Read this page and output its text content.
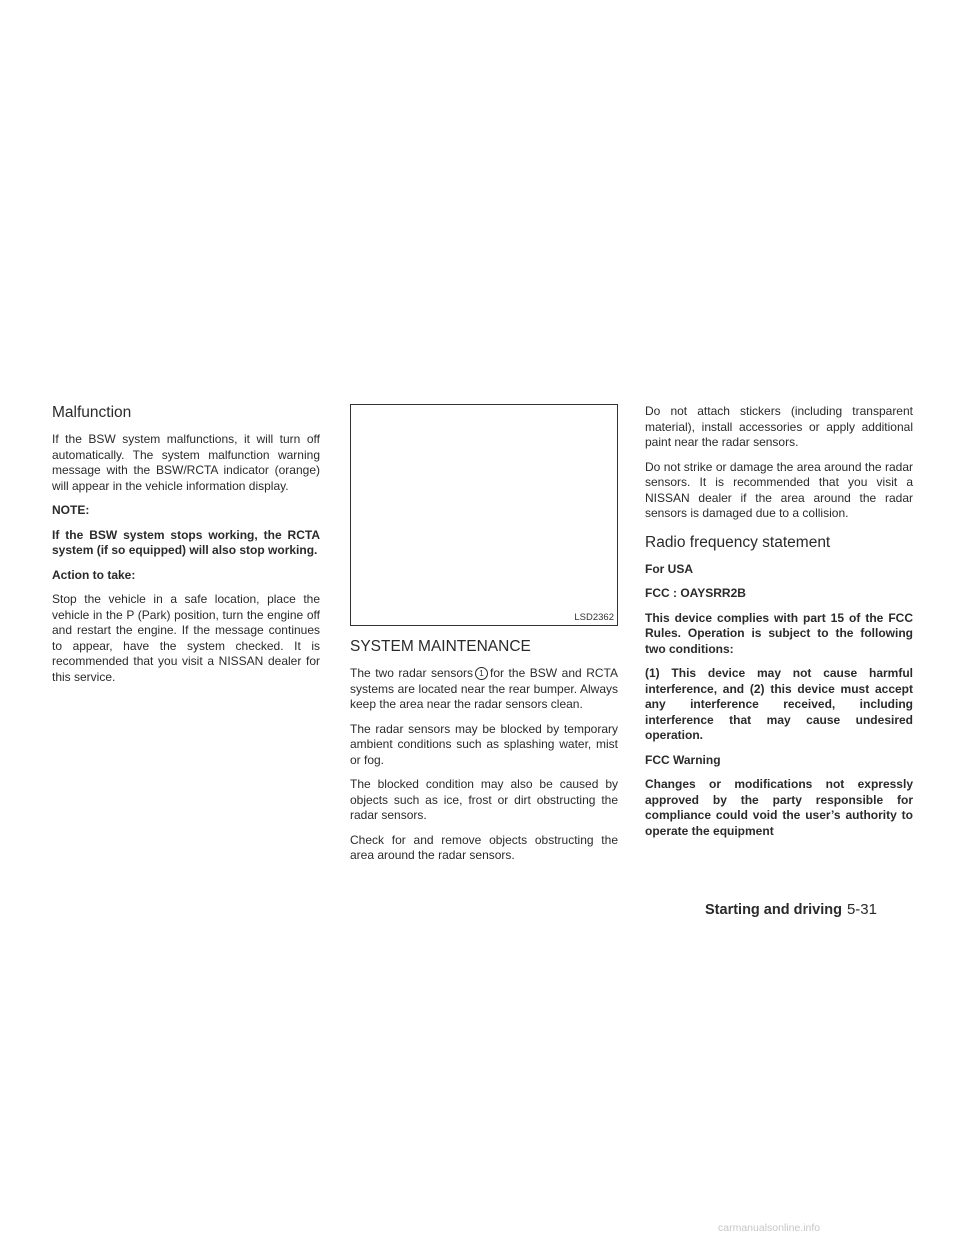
Malfunction

If the BSW system malfunctions, it will turn off automatically. The system malfunction warning message with the BSW/RCTA indicator (orange) will appear in the vehicle information display.

NOTE:

If the BSW system stops working, the RCTA system (if so equipped) will also stop working.

Action to take:

Stop the vehicle in a safe location, place the vehicle in the P (Park) position, turn the engine off and restart the engine. If the message continues to appear, have the system checked. It is recommended that you visit a NISSAN dealer for this service.

LSD2362
SYSTEM MAINTENANCE

The two radar sensors 1 for the BSW and RCTA systems are located near the rear bumper. Always keep the area near the radar sensors clean.

The radar sensors may be blocked by temporary ambient conditions such as splashing water, mist or fog.

The blocked condition may also be caused by objects such as ice, frost or dirt obstructing the radar sensors.

Check for and remove objects obstructing the area around the radar sensors.

Do not attach stickers (including transparent material), install accessories or apply additional paint near the radar sensors.

Do not strike or damage the area around the radar sensors. It is recommended that you visit a NISSAN dealer if the area around the radar sensors is damaged due to a collision.

Radio frequency statement

For USA

FCC : OAYSRR2B

This device complies with part 15 of the FCC Rules. Operation is subject to the following two conditions:

(1) This device may not cause harmful interference, and (2) this device must accept any interference received, including interference that may cause undesired operation.

FCC Warning

Changes or modifications not expressly approved by the party responsible for compliance could void the user’s authority to operate the equipment

Starting and driving 5-31
carmanualsonline.info
